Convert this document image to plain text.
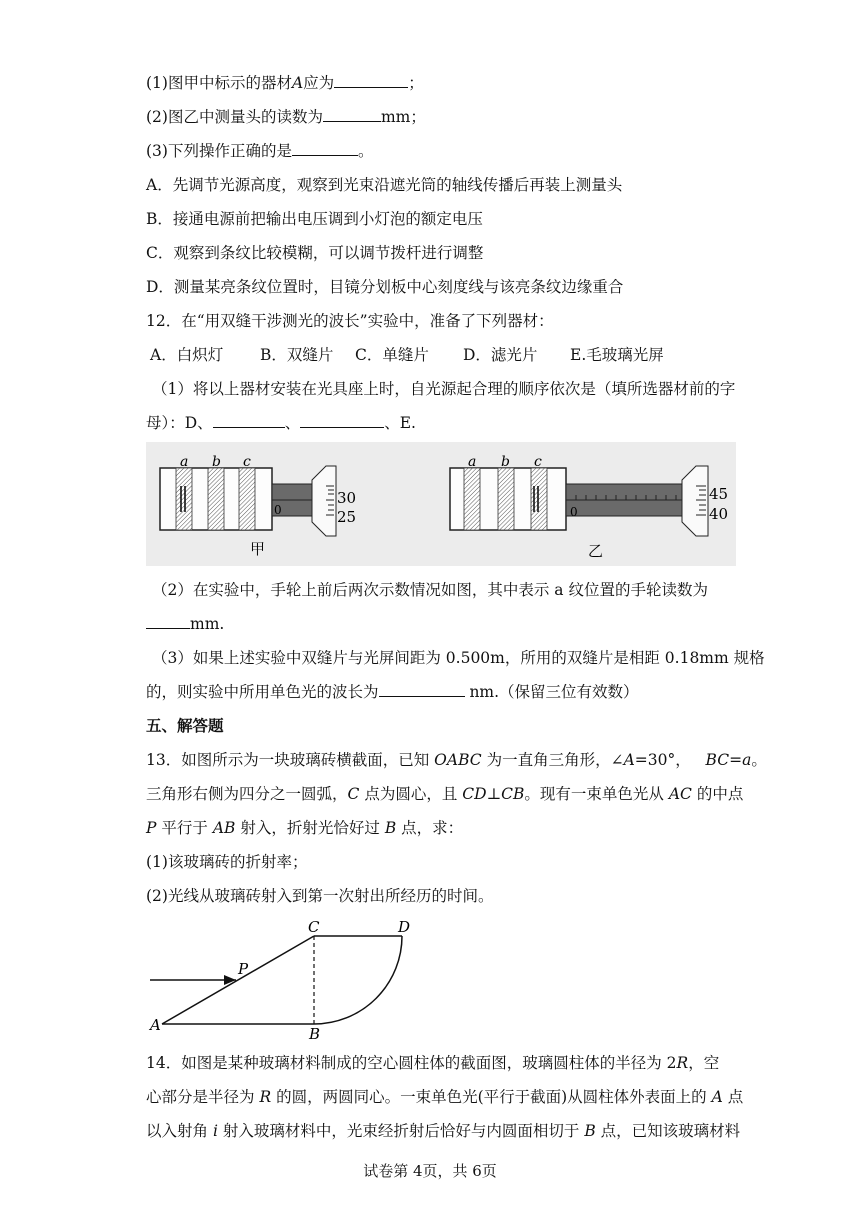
(1)图甲中标示的器材A应为	；
(2)图乙中测量头的读数为	mm；
(3)下列操作正确的是	。
A．先调节光源高度，观察到光束沿遮光筒的轴线传播后再装上测量头
B．接通电源前把输出电压调到小灯泡的额定电压
C．观察到条纹比较模糊，可以调节拨杆进行调整
D．测量某亮条纹位置时，目镜分划板中心刻度线与该亮条纹边缘重合
12．在“用双缝干涉测光的波长”实验中，准备了下列器材：
A．白炽灯 B．双缝片 C．单缝片 D．滤光片 E.毛玻璃光屏
（1）将以上器材安装在光具座上时，自光源起合理的顺序依次是（填所选器材前的字
母）：D、	、	、E.
a b c
0
30
25
甲
a b c
0
45
40
乙
（2）在实验中，手轮上前后两次示数情况如图，其中表示 a 纹位置的手轮读数为
mm.
（3）如果上述实验中双缝片与光屏间距为 0.500m，所用的双缝片是相距 0.18mm 规格
的，则实验中所用单色光的波长为	nm.（保留三位有效数）
五、解答题
13．如图所示为一块玻璃砖横截面，已知 OABC 为一直角三角形，∠A=30°， BC=a。
三角形右侧为四分之一圆弧，C 点为圆心，且 CD⊥CB。现有一束单色光从 AC 的中点
P 平行于 AB 射入，折射光恰好过 B 点，求：
(1)该玻璃砖的折射率；
(2)光线从玻璃砖射入到第一次射出所经历的时间。
A	B
C	D
P
14．如图是某种玻璃材料制成的空心圆柱体的截面图，玻璃圆柱体的半径为 2R，空
心部分是半径为 R 的圆，两圆同心。一束单色光(平行于截面)从圆柱体外表面上的 A 点
以入射角 i 射入玻璃材料中，光束经折射后恰好与内圆面相切于 B 点，已知该玻璃材料
试卷第 4页，共 6页
